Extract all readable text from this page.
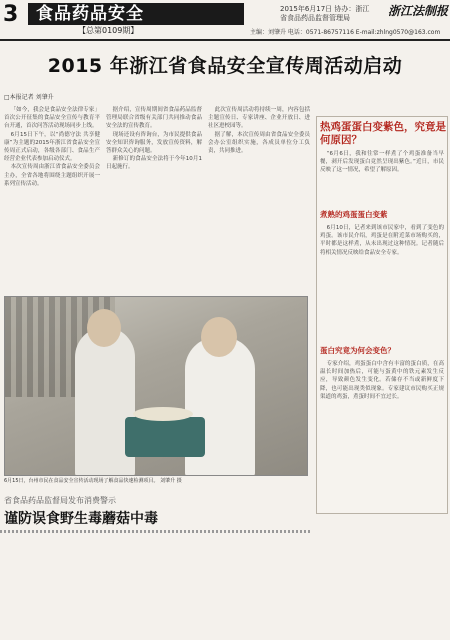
3	食品药品安全
【总第0109期】
2015年6月17日 协办：浙江省食品药品监督管理局	浙江法制报
主编：刘肇升 电话：0571-86757116 E-mail:zhlng0570@163.com
2015 年浙江省食品安全宣传周活动启动
□本报记者 刘肇升

「如今，我会是食品安全法律专家」首次公开征集的食品安全宣传与教育平台开通，首次问答活动现场同步上线。

6月15日下午，以“尚德守法 共享健康”为主题的2015年浙江省食品安全宣传周正式启动，各级各部门、食品生产经营企业代表参加启动仪式。

本次宣传周由浙江省食品安全委员会主办，全省各地将围绕主题组织开展一系列宣传活动。

据介绍，宣传周期间省食品药品监督管理局联合省级有关部门共同推动食品安全法的宣传教育。

现场还设有咨询台，为市民提供食品安全知识咨询服务，发放宣传资料，解答群众关心的问题。

新修订的食品安全法将于今年10月1日起施行。

此次宣传周活动将持续一周，内容包括主题宣传日、专家讲座、企业开放日、进社区进校园等。

据了解，本次宣传周由省食品安全委员会办公室组织实施，各成员单位分工负责，共同推进。

热鸡蛋蛋白变紫色，究竟是何原因？

“6月6日，我和往常一样煮了个鸡蛋准备当早餐，剥开后发现蛋白竟然呈现出紫色。”近日，市民反映了这一情况，希望了解原因。

煮熟的鸡蛋蛋白变紫

6月10日，记者来到该市民家中，看到了变色的鸡蛋。该市民介绍，鸡蛋是在附近菜市场购买的，平时都是这样煮，从未出现过这种情况。记者随后将相关情况反映给食品安全专家。

蛋白究竟为何会变色？

专家介绍，鸡蛋蛋白中含有丰富的蛋白质，在高温长时间加热后，可能与蛋黄中的铁元素发生反应，导致颜色发生变化。若储存不当或新鲜度下降，也可能出现类似现象。专家建议市民购买正规渠道的鸡蛋，煮蛋时间不宜过长。

6月15日，台州市民在食品安全宣传活动现场了解食品快速检测项目。 刘肇升 摄
省食品药品监督局发布消费警示
谨防误食野生毒蘑菇中毒
